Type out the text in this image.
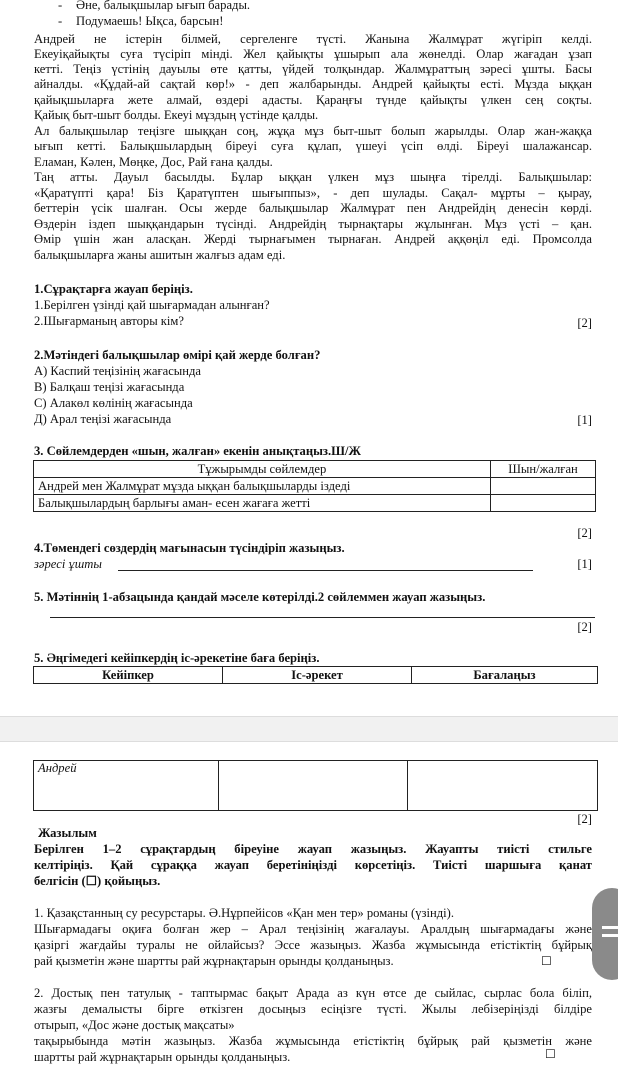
- Әне, балықшылар ығып барады.
- Подумаешь! Ықса, барсын!
Андрей не істерін білмей, сергеленге түсті. Жанына Жалмұрат жүгіріп келді.
Екеуіқайықты суға түсіріп міндi. Жел қайықты ұшырып ала жөнелді. Олар жағадан ұзап
кетті. Теңіз үстінің дауылы өте қатты, үйдей толқындар. Жалмұраттың зәресі ұшты. Басы
айналды. «Құдай-ай сақтай көр!» - деп жалбарынды. Андрей қайықты есті. Мұзда ыққан
қайықшыларға жете алмай, өздері адасты. Қараңғы түнде қайықты үлкен сең соқты.
Қайық быт-шыт болды. Екеуі мұздың үстінде қалды.
Ал балықшылар теңізге шыққан соң, жұқа мұз быт-шыт болып жарылды. Олар жан-жаққа
ығып кетті. Балықшылардың біреуі суға құлап, үшеуі үсіп өлді. Біреуі шалажансар.
Еламан, Кәлен, Мөңке, Дос, Рай ғана қалды.
Таң атты. Дауыл басылды. Бұлар ыққан үлкен мұз шыңға тірелді. Балықшылар:
«Қаратүпті қара! Біз Қаратүптен шығыппыз», - деп шулады. Сақал- мұрты – қырау,
беттерін үсік шалған. Осы жерде балықшылар Жалмұрат пен Андрейдің денесін көрді.
Өздерін іздеп шыққандарын түсінді. Андрейдің тырнақтары жұлынған. Мұз үсті – қан.
Өмір үшін жан аласқан. Жерді тырнағымен тырнаған. Андрей аққөңіл еді. Промсолда
балықшыларға жаны ашитын жалғыз адам еді.
1.Сұрақтарға жауап беріңіз.
1.Берілген үзінді қай шығармадан алынған?
2.Шығарманың авторы кім?	[2]
2.Мәтіндегі балықшылар өмірі қай жерде болған?
А) Каспий теңізінің жағасында
В) Балқаш теңізі жағасында
С) Алакөл көлінің жағасында
Д) Арал теңізі жағасында	[1]
3. Сөйлемдерден «шын, жалған» екенін анықтаңыз.Ш/Ж
Тұжырымды сөйлемдер	Шын/жалған
Андрей мен Жалмұрат мұзда ыққан балықшыларды іздеді	
Балықшылардың барлығы аман- есен жағаға жетті	
[2]
4.Төмендегі сөздердің мағынасын түсіндіріп жазыңыз.
зәресі ұшты	[1]
5. Мәтіннің 1-абзацында қандай мәселе көтерілді.2 сөйлеммен жауап жазыңыз.
[2]
5. Әңгімедегі кейіпкердің іс-әрекетіне баға беріңіз.
Кейіпкер	Іс-әрекет	Бағалаңыз
Андрей		
[2]
Жазылым
Берілген 1–2 сұрақтардың біреуіне жауап жазыңыз. Жауапты тиісті стильге
келтіріңіз. Қай сұраққа жауап беретініңізді көрсетіңіз. Тиісті шаршыға қанат
белгісін (☐) қойыңыз.
1. Қазақстанның су ресурстары. Ә.Нұрпейісов «Қан мен тер» романы (үзінді).
Шығармадағы оқиға болған жер – Арал теңізінің жағалауы. Аралдың шығармадағы және
қазіргі жағдайы туралы не ойлайсыз? Эссе жазыңыз. Жазба жұмысында етістіктің бұйрық
рай қызметін және шартты рай жұрнақтарын орынды қолданыңыз.	☐
2. Достық пен татулық - таптырмас бақыт Арада аз күн өтсе де сыйлас, сырлас бола біліп,
жазғы демалысты бірге өткізген досыңыз есіңізге түсті. Жылы лебізеріңізді білдіре
отырып, «Дос және достық мақсаты»
тақырыбында мәтін жазыңыз. Жазба жұмысында етістіктің бұйрық рай қызметін және
шартты рай жұрнақтарын орынды қолданыңыз.	☐
